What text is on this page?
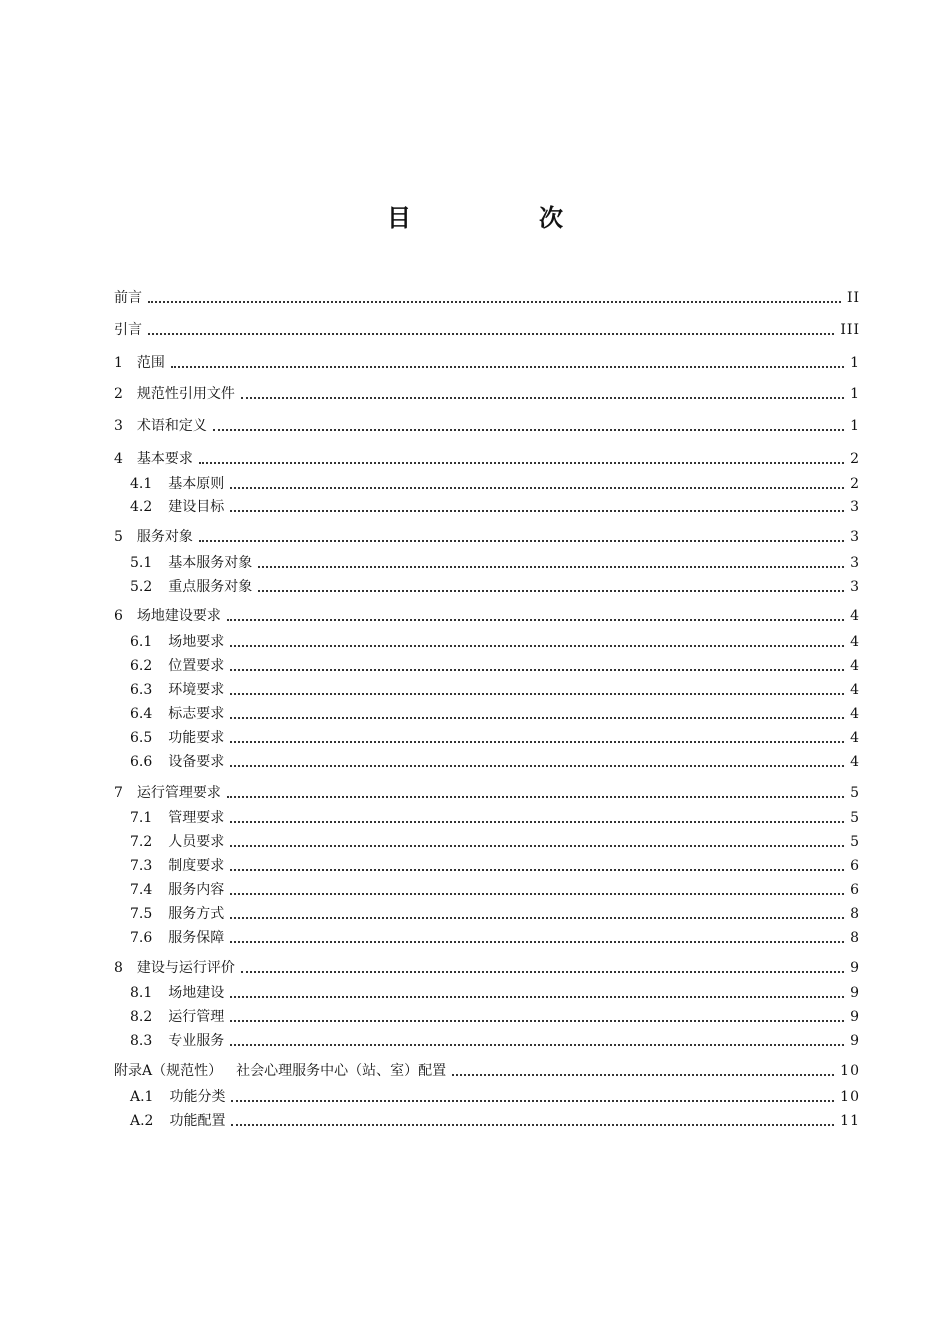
目　次
前言	II
引言	III
1 范围	1
2 规范性引用文件	1
3 术语和定义	1
4 基本要求	2
4.1 基本原则	2
4.2 建设目标	3
5 服务对象	3
5.1 基本服务对象	3
5.2 重点服务对象	3
6 场地建设要求	4
6.1 场地要求	4
6.2 位置要求	4
6.3 环境要求	4
6.4 标志要求	4
6.5 功能要求	4
6.6 设备要求	4
7 运行管理要求	5
7.1 管理要求	5
7.2 人员要求	5
7.3 制度要求	6
7.4 服务内容	6
7.5 服务方式	8
7.6 服务保障	8
8 建设与运行评价	9
8.1 场地建设	9
8.2 运行管理	9
8.3 专业服务	9
附录A（规范性） 社会心理服务中心（站、室）配置	10
A.1 功能分类	10
A.2 功能配置	11
